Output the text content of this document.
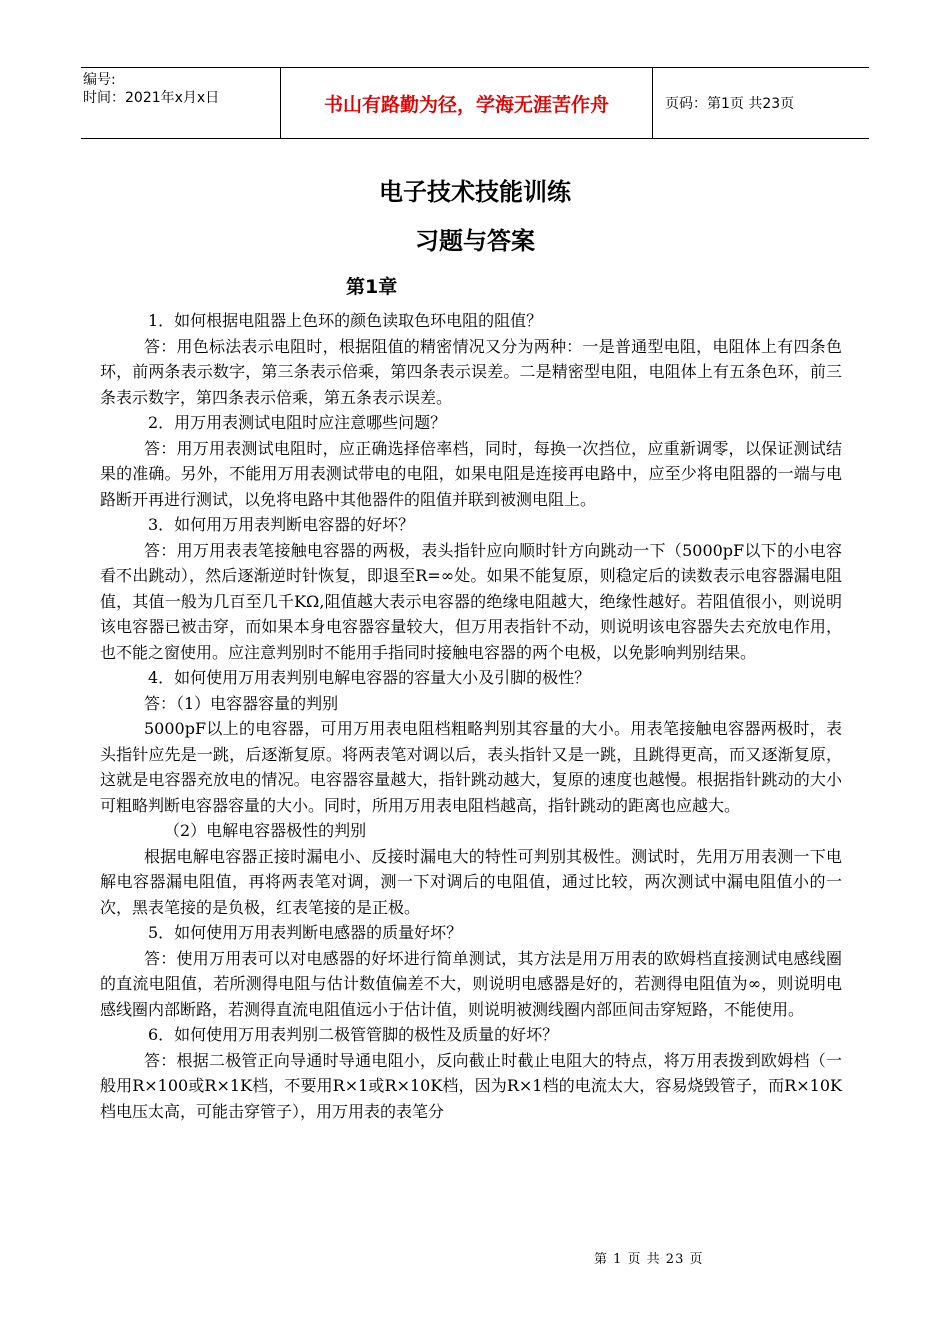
编号:
时间：2021年x月x日	书山有路勤为径，学海无涯苦作舟	页码：第1页 共23页
电子技术技能训练
习题与答案
第1章

1．如何根据电阻器上色环的颜色读取色环电阻的阻值？

答：用色标法表示电阻时，根据阻值的精密情况又分为两种：一是普通型电阻，电阻体上有四条色环，前两条表示数字，第三条表示倍乘，第四条表示误差。二是精密型电阻，电阻体上有五条色环，前三条表示数字，第四条表示倍乘，第五条表示误差。

2．用万用表测试电阻时应注意哪些问题？

答：用万用表测试电阻时，应正确选择倍率档，同时，每换一次挡位，应重新调零，以保证测试结果的准确。另外，不能用万用表测试带电的电阻，如果电阻是连接再电路中，应至少将电阻器的一端与电路断开再进行测试，以免将电路中其他器件的阻值并联到被测电阻上。

3．如何用万用表判断电容器的好坏？

答：用万用表表笔接触电容器的两极，表头指针应向顺时针方向跳动一下（5000pF以下的小电容看不出跳动），然后逐渐逆时针恢复，即退至R=∞处。如果不能复原，则稳定后的读数表示电容器漏电阻值，其值一般为几百至几千KΩ,阻值越大表示电容器的绝缘电阻越大，绝缘性越好。若阻值很小，则说明该电容器已被击穿，而如果本身电容器容量较大，但万用表指针不动，则说明该电容器失去充放电作用，也不能之窗使用。应注意判别时不能用手指同时接触电容器的两个电极，以免影响判别结果。

4．如何使用万用表判别电解电容器的容量大小及引脚的极性？

答：（1）电容器容量的判别

5000pF以上的电容器，可用万用表电阻档粗略判别其容量的大小。用表笔接触电容器两极时，表头指针应先是一跳，后逐渐复原。将两表笔对调以后，表头指针又是一跳，且跳得更高，而又逐渐复原，这就是电容器充放电的情况。电容器容量越大，指针跳动越大，复原的速度也越慢。根据指针跳动的大小可粗略判断电容器容量的大小。同时，所用万用表电阻档越高，指针跳动的距离也应越大。

（2）电解电容器极性的判别

根据电解电容器正接时漏电小、反接时漏电大的特性可判别其极性。测试时，先用万用表测一下电解电容器漏电阻值，再将两表笔对调，测一下对调后的电阻值，通过比较，两次测试中漏电阻值小的一次，黑表笔接的是负极，红表笔接的是正极。

5．如何使用万用表判断电感器的质量好坏？

答：使用万用表可以对电感器的好坏进行简单测试，其方法是用万用表的欧姆档直接测试电感线圈的直流电阻值，若所测得电阻与估计数值偏差不大，则说明电感器是好的，若测得电阻值为∞，则说明电感线圈内部断路，若测得直流电阻值远小于估计值，则说明被测线圈内部匝间击穿短路，不能使用。

6．如何使用万用表判别二极管管脚的极性及质量的好坏？

答：根据二极管正向导通时导通电阻小，反向截止时截止电阻大的特点，将万用表拨到欧姆档（一般用R×100或R×1K档，不要用R×1或R×10K档，因为R×1档的电流太大，容易烧毁管子，而R×10K档电压太高，可能击穿管子），用万用表的表笔分

第 1 页 共 23 页
